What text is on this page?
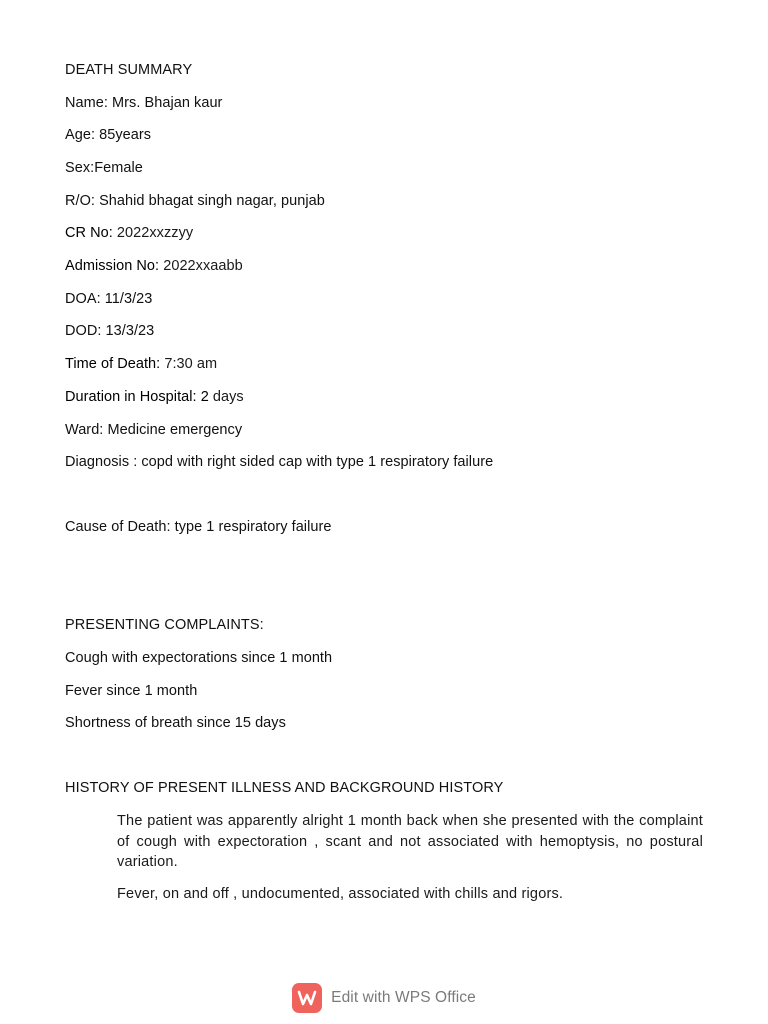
DEATH SUMMARY
Name: Mrs. Bhajan kaur
Age: 85years
Sex:Female
R/O: Shahid bhagat singh nagar, punjab
CR No: 2022xxzzyy
Admission No: 2022xxaabb
DOA: 11/3/23
DOD: 13/3/23
Time of Death: 7:30 am
Duration in Hospital: 2 days
Ward: Medicine emergency
Diagnosis : copd with right sided cap with type 1 respiratory failure
Cause of Death: type 1 respiratory failure
PRESENTING COMPLAINTS:
Cough with expectorations since 1 month
Fever since 1 month
Shortness of breath since 15 days
HISTORY OF PRESENT ILLNESS AND BACKGROUND HISTORY
The patient was apparently alright 1 month back when she presented with the complaint of cough with expectoration , scant and not associated with hemoptysis, no postural variation.
Fever, on and off , undocumented, associated with chills and rigors.
Edit with WPS Office
